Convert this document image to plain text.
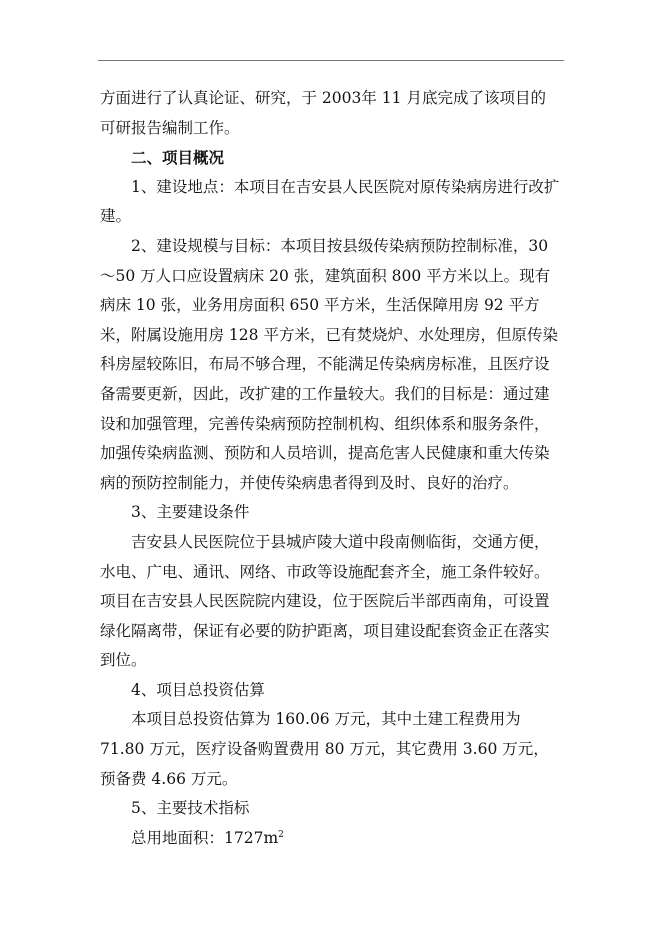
方面进行了认真论证、研究，于 2003年 11 月底完成了该项目的可研报告编制工作。

二、项目概况

1、建设地点：本项目在吉安县人民医院对原传染病房进行改扩建。

2、建设规模与目标：本项目按县级传染病预防控制标准，30～50 万人口应设置病床 20 张，建筑面积 800 平方米以上。现有病床 10 张，业务用房面积 650 平方米，生活保障用房 92 平方米，附属设施用房 128 平方米，已有焚烧炉、水处理房，但原传染科房屋较陈旧，布局不够合理，不能满足传染病房标准，且医疗设备需要更新，因此，改扩建的工作量较大。我们的目标是：通过建设和加强管理，完善传染病预防控制机构、组织体系和服务条件，加强传染病监测、预防和人员培训，提高危害人民健康和重大传染病的预防控制能力，并使传染病患者得到及时、良好的治疗。

3、主要建设条件

吉安县人民医院位于县城庐陵大道中段南侧临街，交通方便，水电、广电、通讯、网络、市政等设施配套齐全，施工条件较好。项目在吉安县人民医院院内建设，位于医院后半部西南角，可设置绿化隔离带，保证有必要的防护距离，项目建设配套资金正在落实到位。

4、项目总投资估算

本项目总投资估算为 160.06 万元，其中土建工程费用为 71.80 万元，医疗设备购置费用 80 万元，其它费用 3.60 万元，预备费 4.66 万元。

5、主要技术指标

总用地面积：$1727m^2$
